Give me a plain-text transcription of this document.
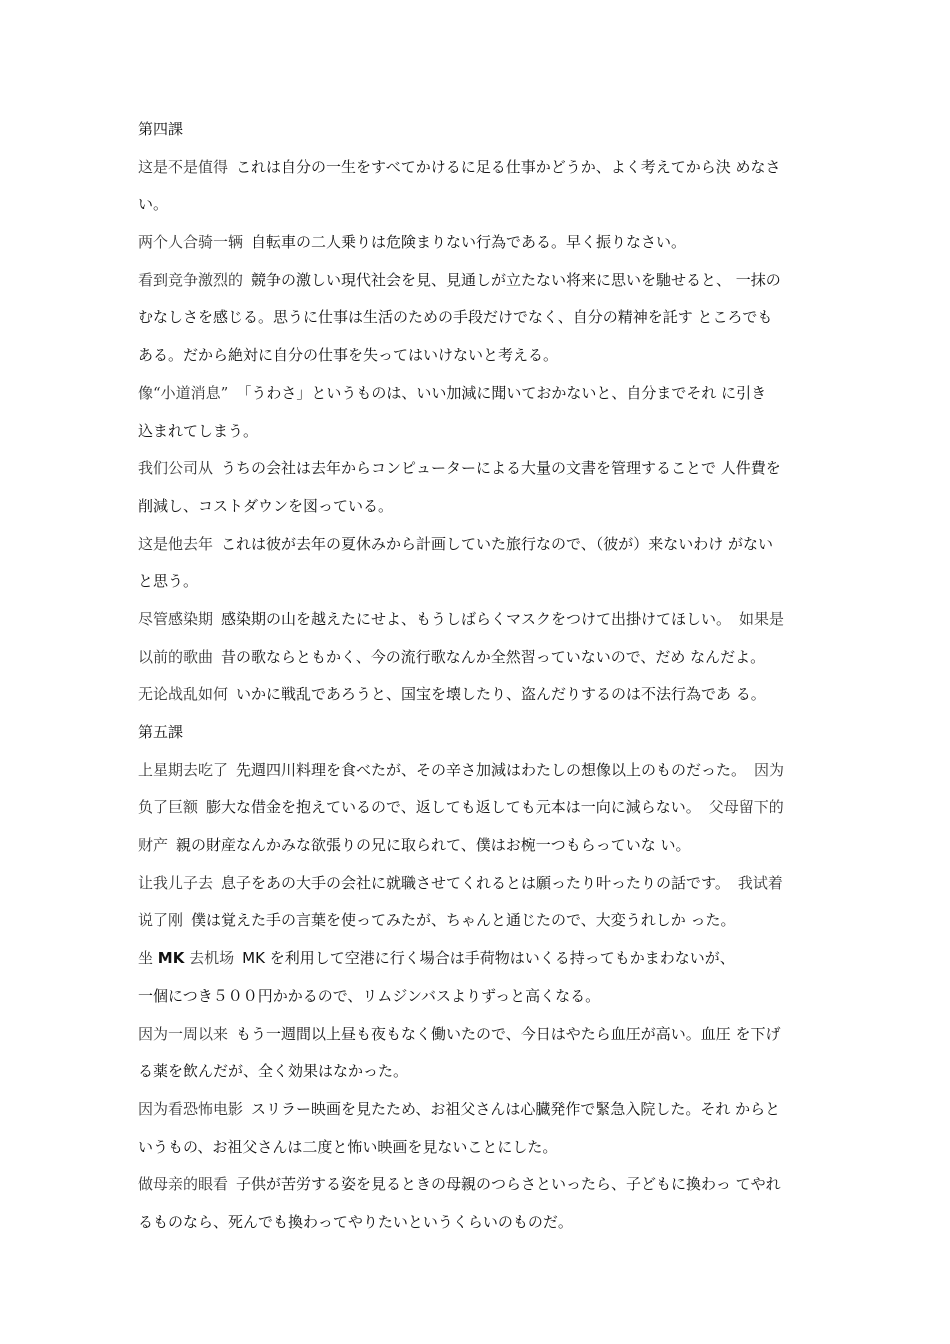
第四課
这是不是值得 これは自分の一生をすべてかけるに足る仕事かどうか、よく考えてから決 めなさ
い。
两个人合骑一辆 自転車の二人乗りは危険まりない行為である。早く振りなさい。
看到竞争激烈的 競争の激しい現代社会を見、見通しが立たない将来に思いを馳せると、 一抹の
むなしさを感じる。思うに仕事は生活のための手段だけでなく、自分の精神を託す ところでも
ある。だから絶対に自分の仕事を失ってはいけないと考える。
像“小道消息” 「うわさ」というものは、いい加減に聞いておかないと、自分までそれ に引き
込まれてしまう。
我们公司从 うちの会社は去年からコンピューターによる大量の文書を管理することで 人件費を
削減し、コストダウンを図っている。
这是他去年 これは彼が去年の夏休みから計画していた旅行なので、（彼が）来ないわけ がない
と思う。
尽管感染期 感染期の山を越えたにせよ、もうしばらくマスクをつけて出掛けてほしい。 如果是
以前的歌曲 昔の歌ならともかく、今の流行歌なんか全然習っていないので、だめ なんだよ。
无论战乱如何 いかに戦乱であろうと、国宝を壊したり、盗んだりするのは不法行為であ る。
第五課
上星期去吃了 先週四川料理を食べたが、その辛さ加減はわたしの想像以上のものだった。 因为
负了巨额 膨大な借金を抱えているので、返しても返しても元本は一向に減らない。 父母留下的
财产 親の財産なんかみな欲張りの兄に取られて、僕はお椀一つもらっていな い。
让我儿子去 息子をあの大手の会社に就職させてくれるとは願ったり叶ったりの話です。 我试着
说了刚 僕は覚えた手の言葉を使ってみたが、ちゃんと通じたので、大変うれしか った。
坐 MK 去机场 MK を利用して空港に行く場合は手荷物はいくる持ってもかまわないが、
一個につき５００円かかるので、リムジンバスよりずっと高くなる。
因为一周以来 もう一週間以上昼も夜もなく働いたので、今日はやたら血圧が高い。血圧 を下げ
る薬を飲んだが、全く効果はなかった。
因为看恐怖电影 スリラー映画を見たため、お祖父さんは心臓発作で緊急入院した。それ からと
いうもの、お祖父さんは二度と怖い映画を見ないことにした。
做母亲的眼看 子供が苦労する姿を見るときの母親のつらさといったら、子どもに換わっ てやれ
るものなら、死んでも換わってやりたいというくらいのものだ。
